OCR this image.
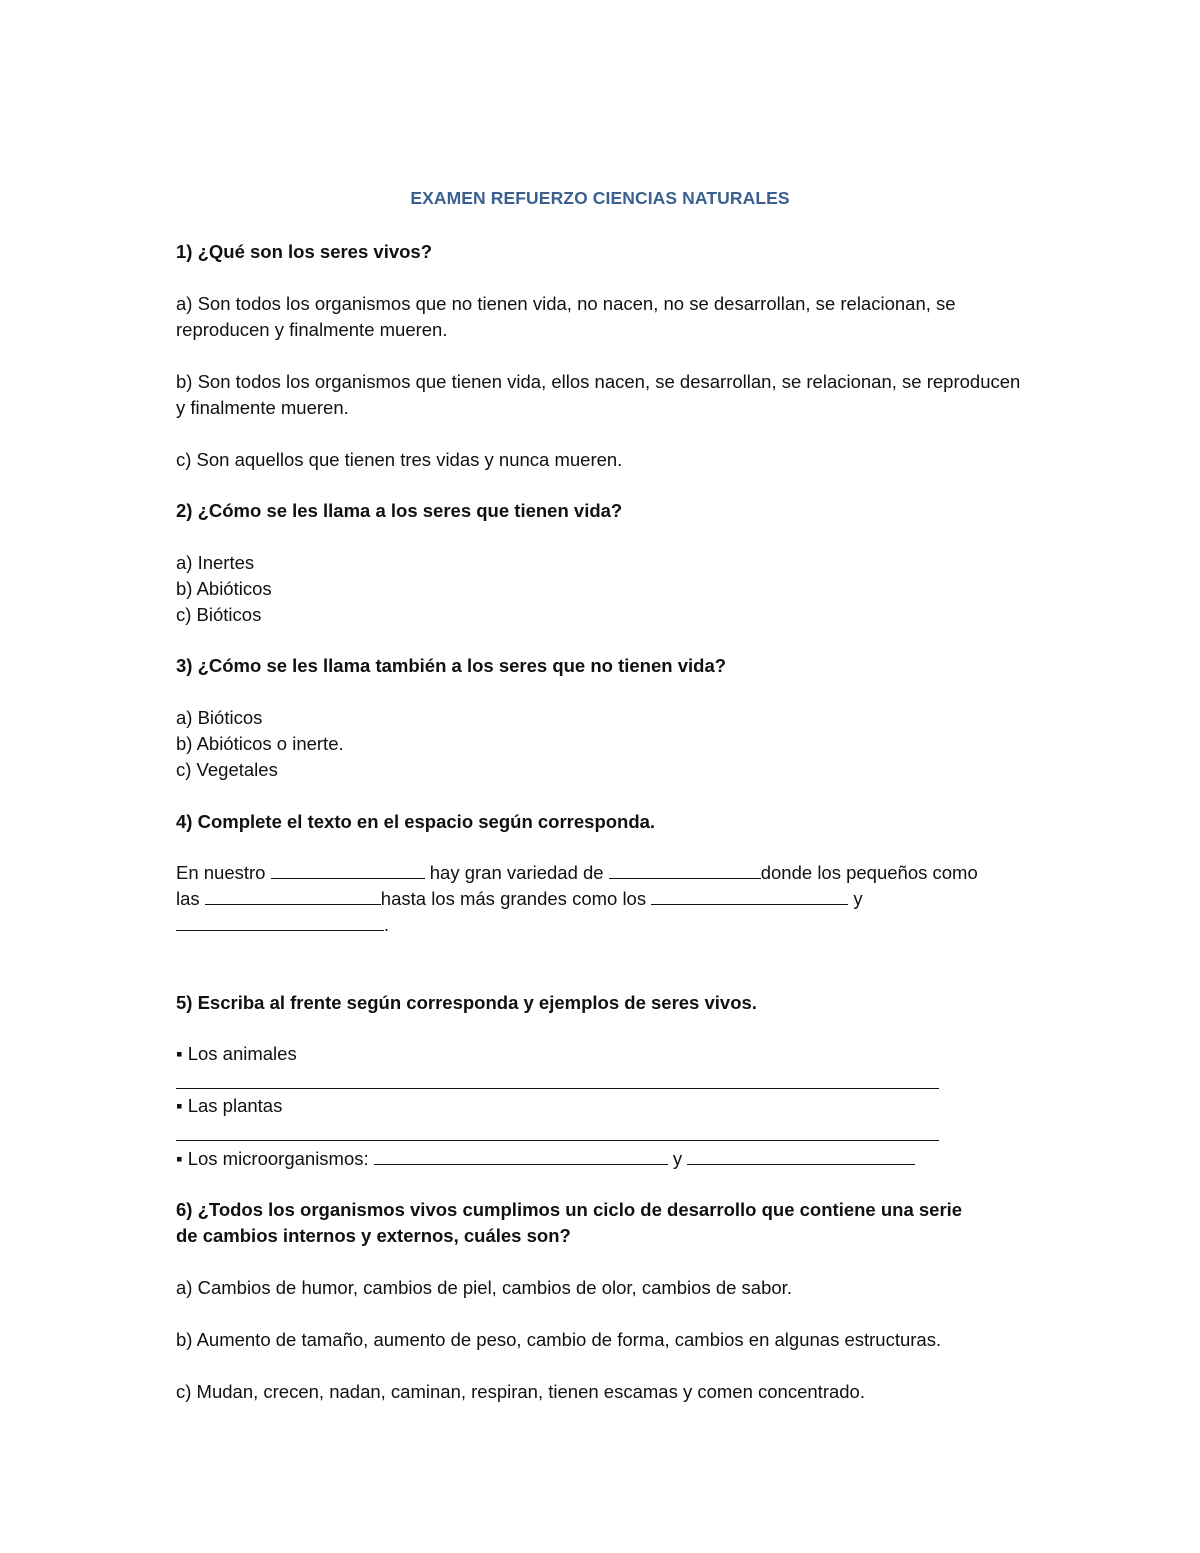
EXAMEN REFUERZO CIENCIAS NATURALES
1) ¿Qué son los seres vivos?
a) Son todos los organismos que no tienen vida, no nacen, no se desarrollan, se relacionan, se reproducen y finalmente mueren.
b) Son todos los organismos que tienen vida, ellos nacen, se desarrollan, se relacionan, se reproducen y finalmente mueren.
c) Son aquellos que tienen tres vidas y nunca mueren.
2) ¿Cómo se les llama a los seres que tienen vida?
a) Inertes
b) Abióticos
c) Bióticos
3) ¿Cómo se les llama también a los seres que no tienen vida?
a) Bióticos
b) Abióticos o inerte.
c) Vegetales
4) Complete el texto en el espacio según corresponda.
En nuestro	hay gran variedad de	donde los pequeños como
las	hasta los más grandes como los	y
.
5) Escriba al frente según corresponda y ejemplos de seres vivos.
▪ Los animales
▪ Las plantas
▪ Los microorganismos:	y
6) ¿Todos los organismos vivos cumplimos un ciclo de desarrollo que contiene una serie
de cambios internos y externos, cuáles son?
a) Cambios de humor, cambios de piel, cambios de olor, cambios de sabor.
b) Aumento de tamaño, aumento de peso, cambio de forma, cambios en algunas estructuras.
c) Mudan, crecen, nadan, caminan, respiran, tienen escamas y comen concentrado.
